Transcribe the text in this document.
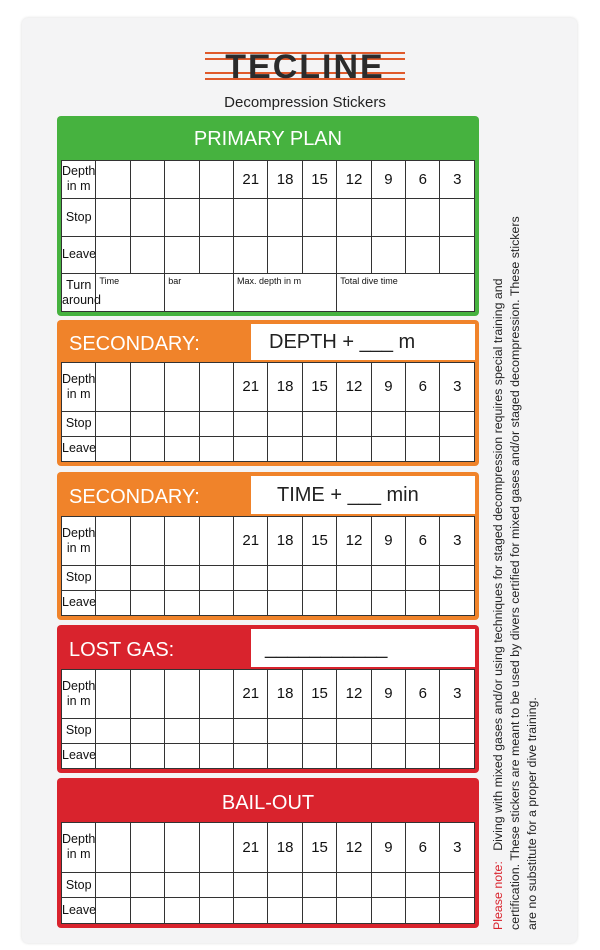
TECLINE
Decompression Stickers
PRIMARY PLAN
Depth
in m					21	18	15	12	9	6	3
Stop											
Leave											
Turn
around	Time		bar		Max. depth in m			Total dive time			
SECONDARY:	DEPTH + ___ m
Depth
in m					21	18	15	12	9	6	3
Stop											
Leave											
SECONDARY:	TIME + ___ min
Depth
in m					21	18	15	12	9	6	3
Stop											
Leave											
LOST GAS:	___________
Depth
in m					21	18	15	12	9	6	3
Stop											
Leave											
BAIL-OUT
Depth
in m					21	18	15	12	9	6	3
Stop											
Leave												Please note:   Diving with mixed gases and/or using techniques for staged decompression requires special training and certification. These stickers are meant to be used by divers certified for mixed gases and/or staged decompression. These stickers are no substitute for a proper dive training.
